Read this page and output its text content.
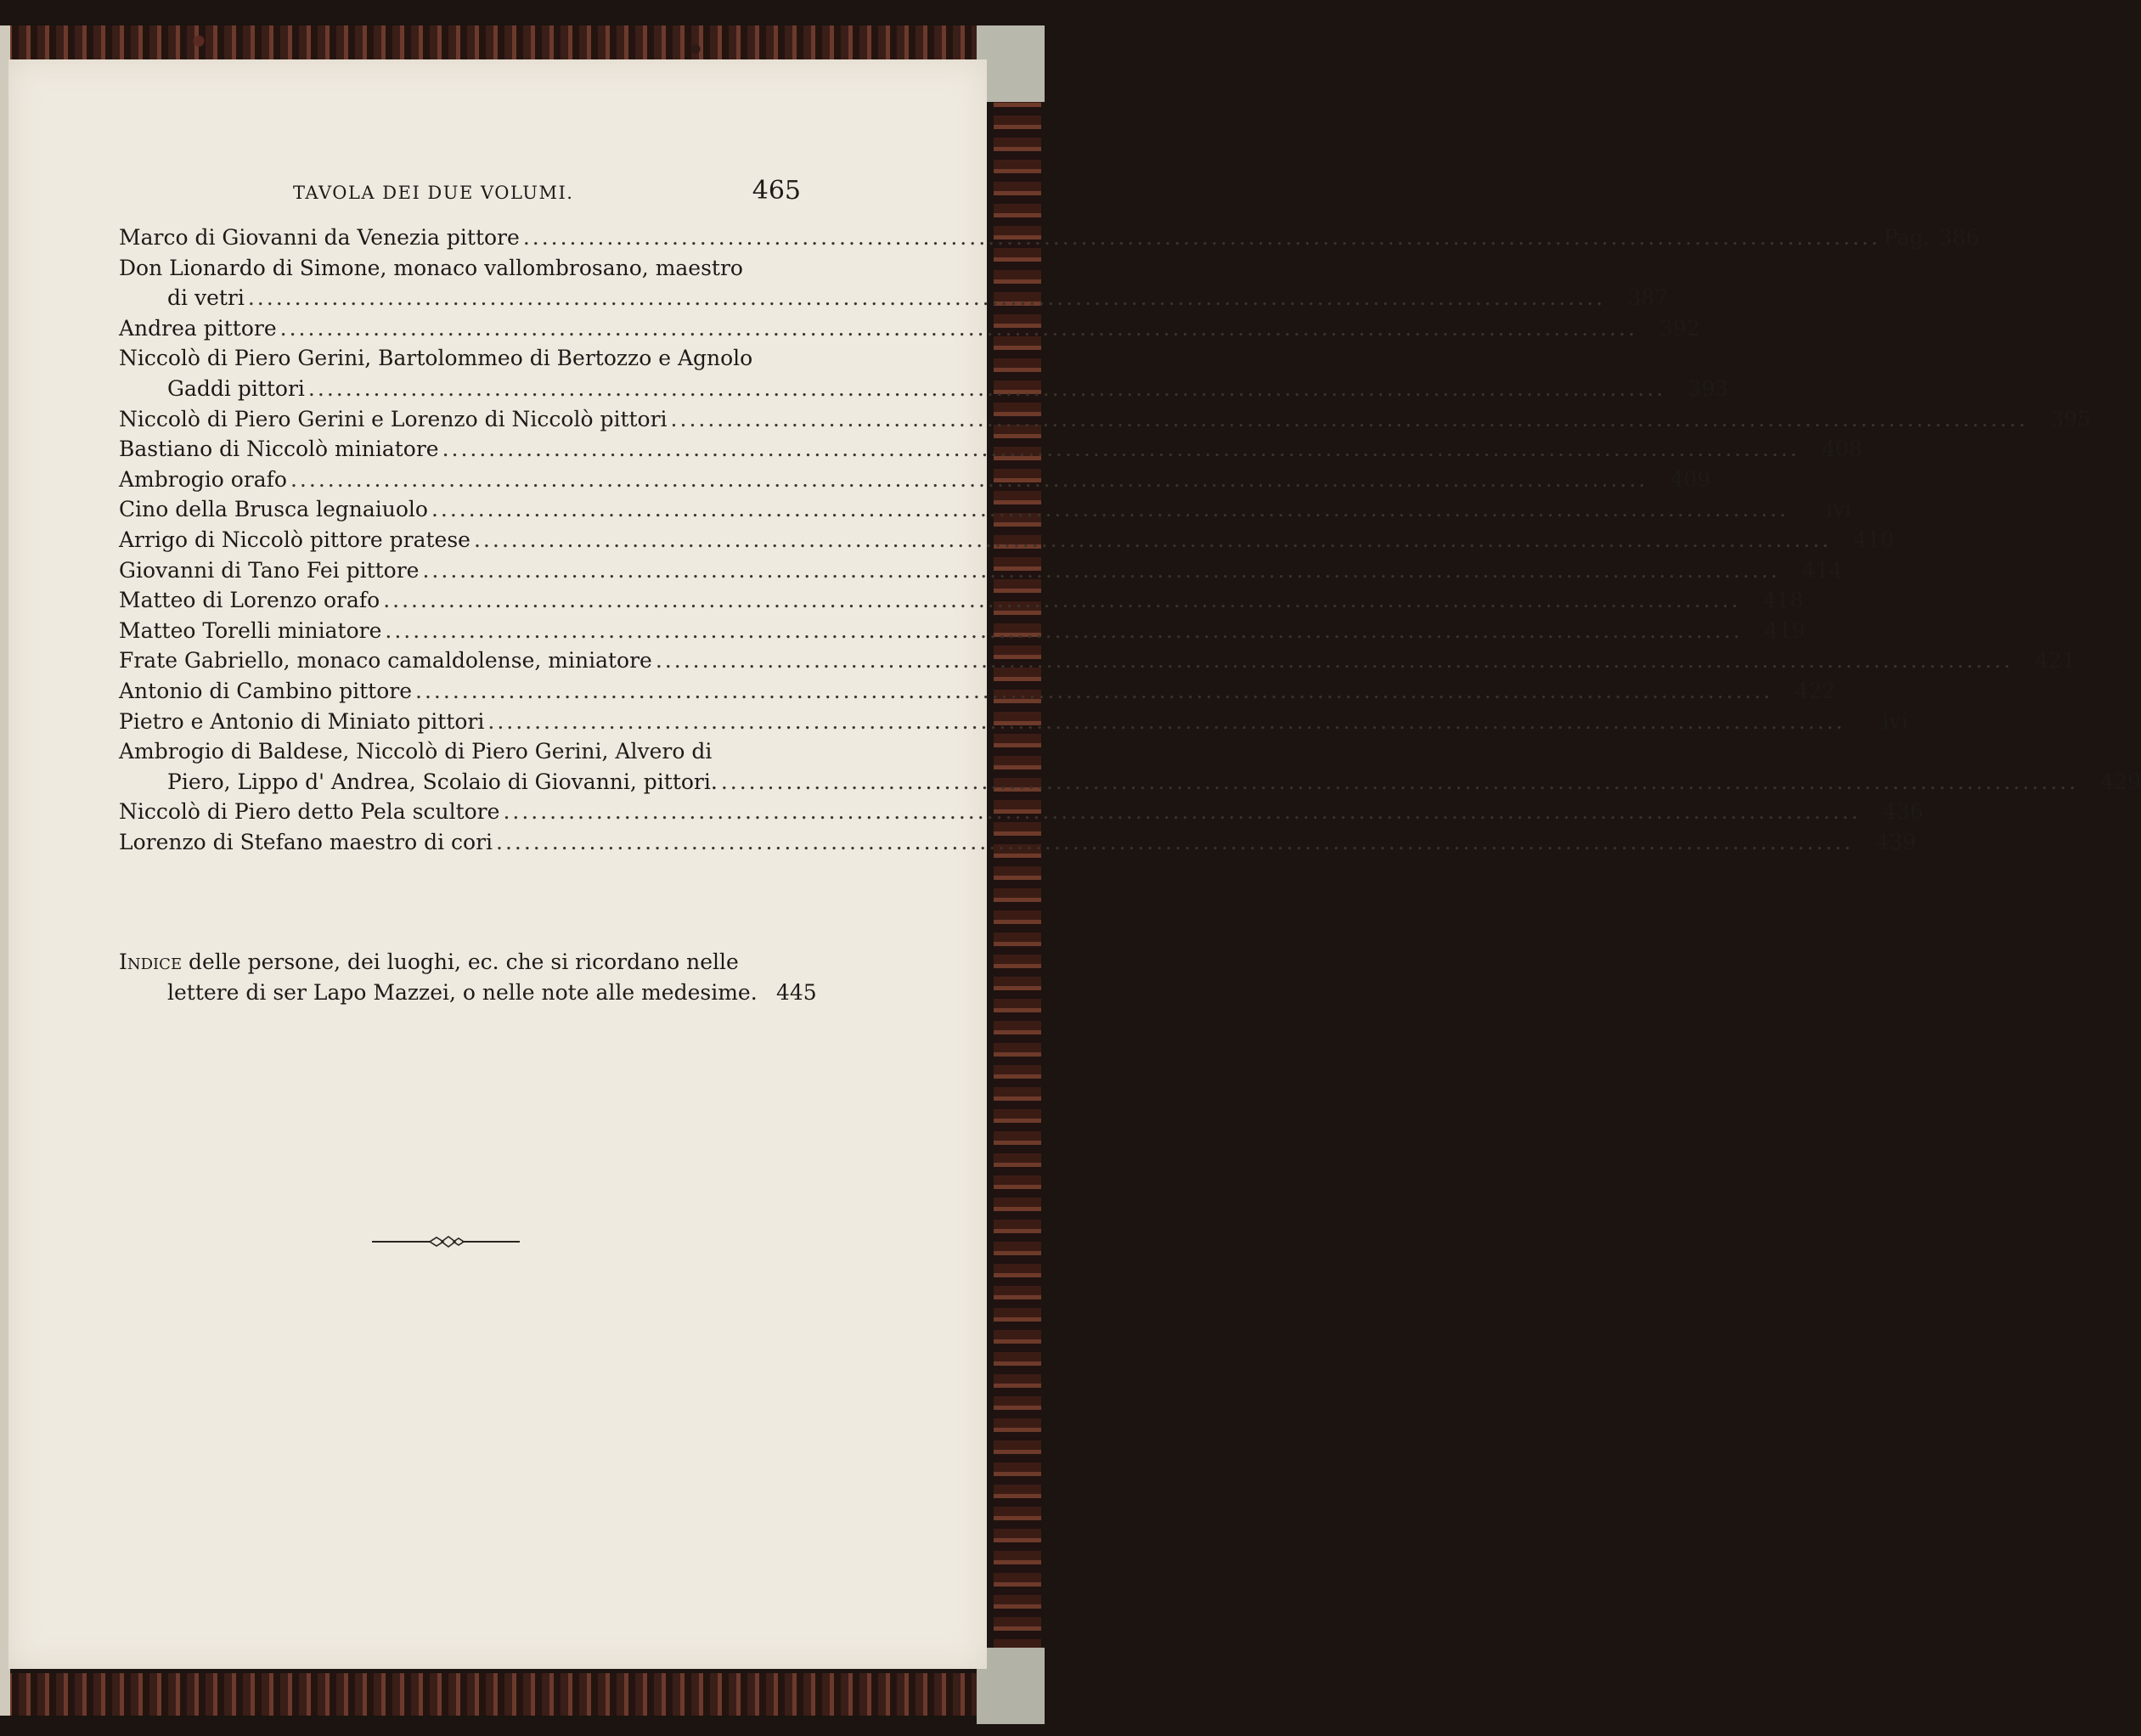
TAVOLA DEI DUE VOLUMI.	465
Marco di Giovanni da Venezia pittore .....	Pag. 386
Don Lionardo di Simone, monaco vallombrosano, maestro
di vetri .....	387
Andrea pittore .....	392
Niccolò di Piero Gerini, Bartolommeo di Bertozzo e Agnolo
Gaddi pittori .....	393
Niccolò di Piero Gerini e Lorenzo di Niccolò pittori .....	395
Bastiano di Niccolò miniatore .....	408
Ambrogio orafo .....	409
Cino della Brusca legnaiuolo .....	ivi
Arrigo di Niccolò pittore pratese .....	410
Giovanni di Tano Fei pittore .....	414
Matteo di Lorenzo orafo .....	418
Matteo Torelli miniatore .....	419
Frate Gabriello, monaco camaldolense, miniatore .....	421
Antonio di Cambino pittore .....	422
Pietro e Antonio di Miniato pittori .....	ivi
Ambrogio di Baldese, Niccolò di Piero Gerini, Alvero di
Piero, Lippo d' Andrea, Scolaio di Giovanni, pittori. .....	429
Niccolò di Piero detto Pela scultore .....	436
Lorenzo di Stefano maestro di cori .....	439
Indice delle persone, dei luoghi, ec. che si ricordano nelle
lettere di ser Lapo Mazzei, o nelle note alle medesime. 445
